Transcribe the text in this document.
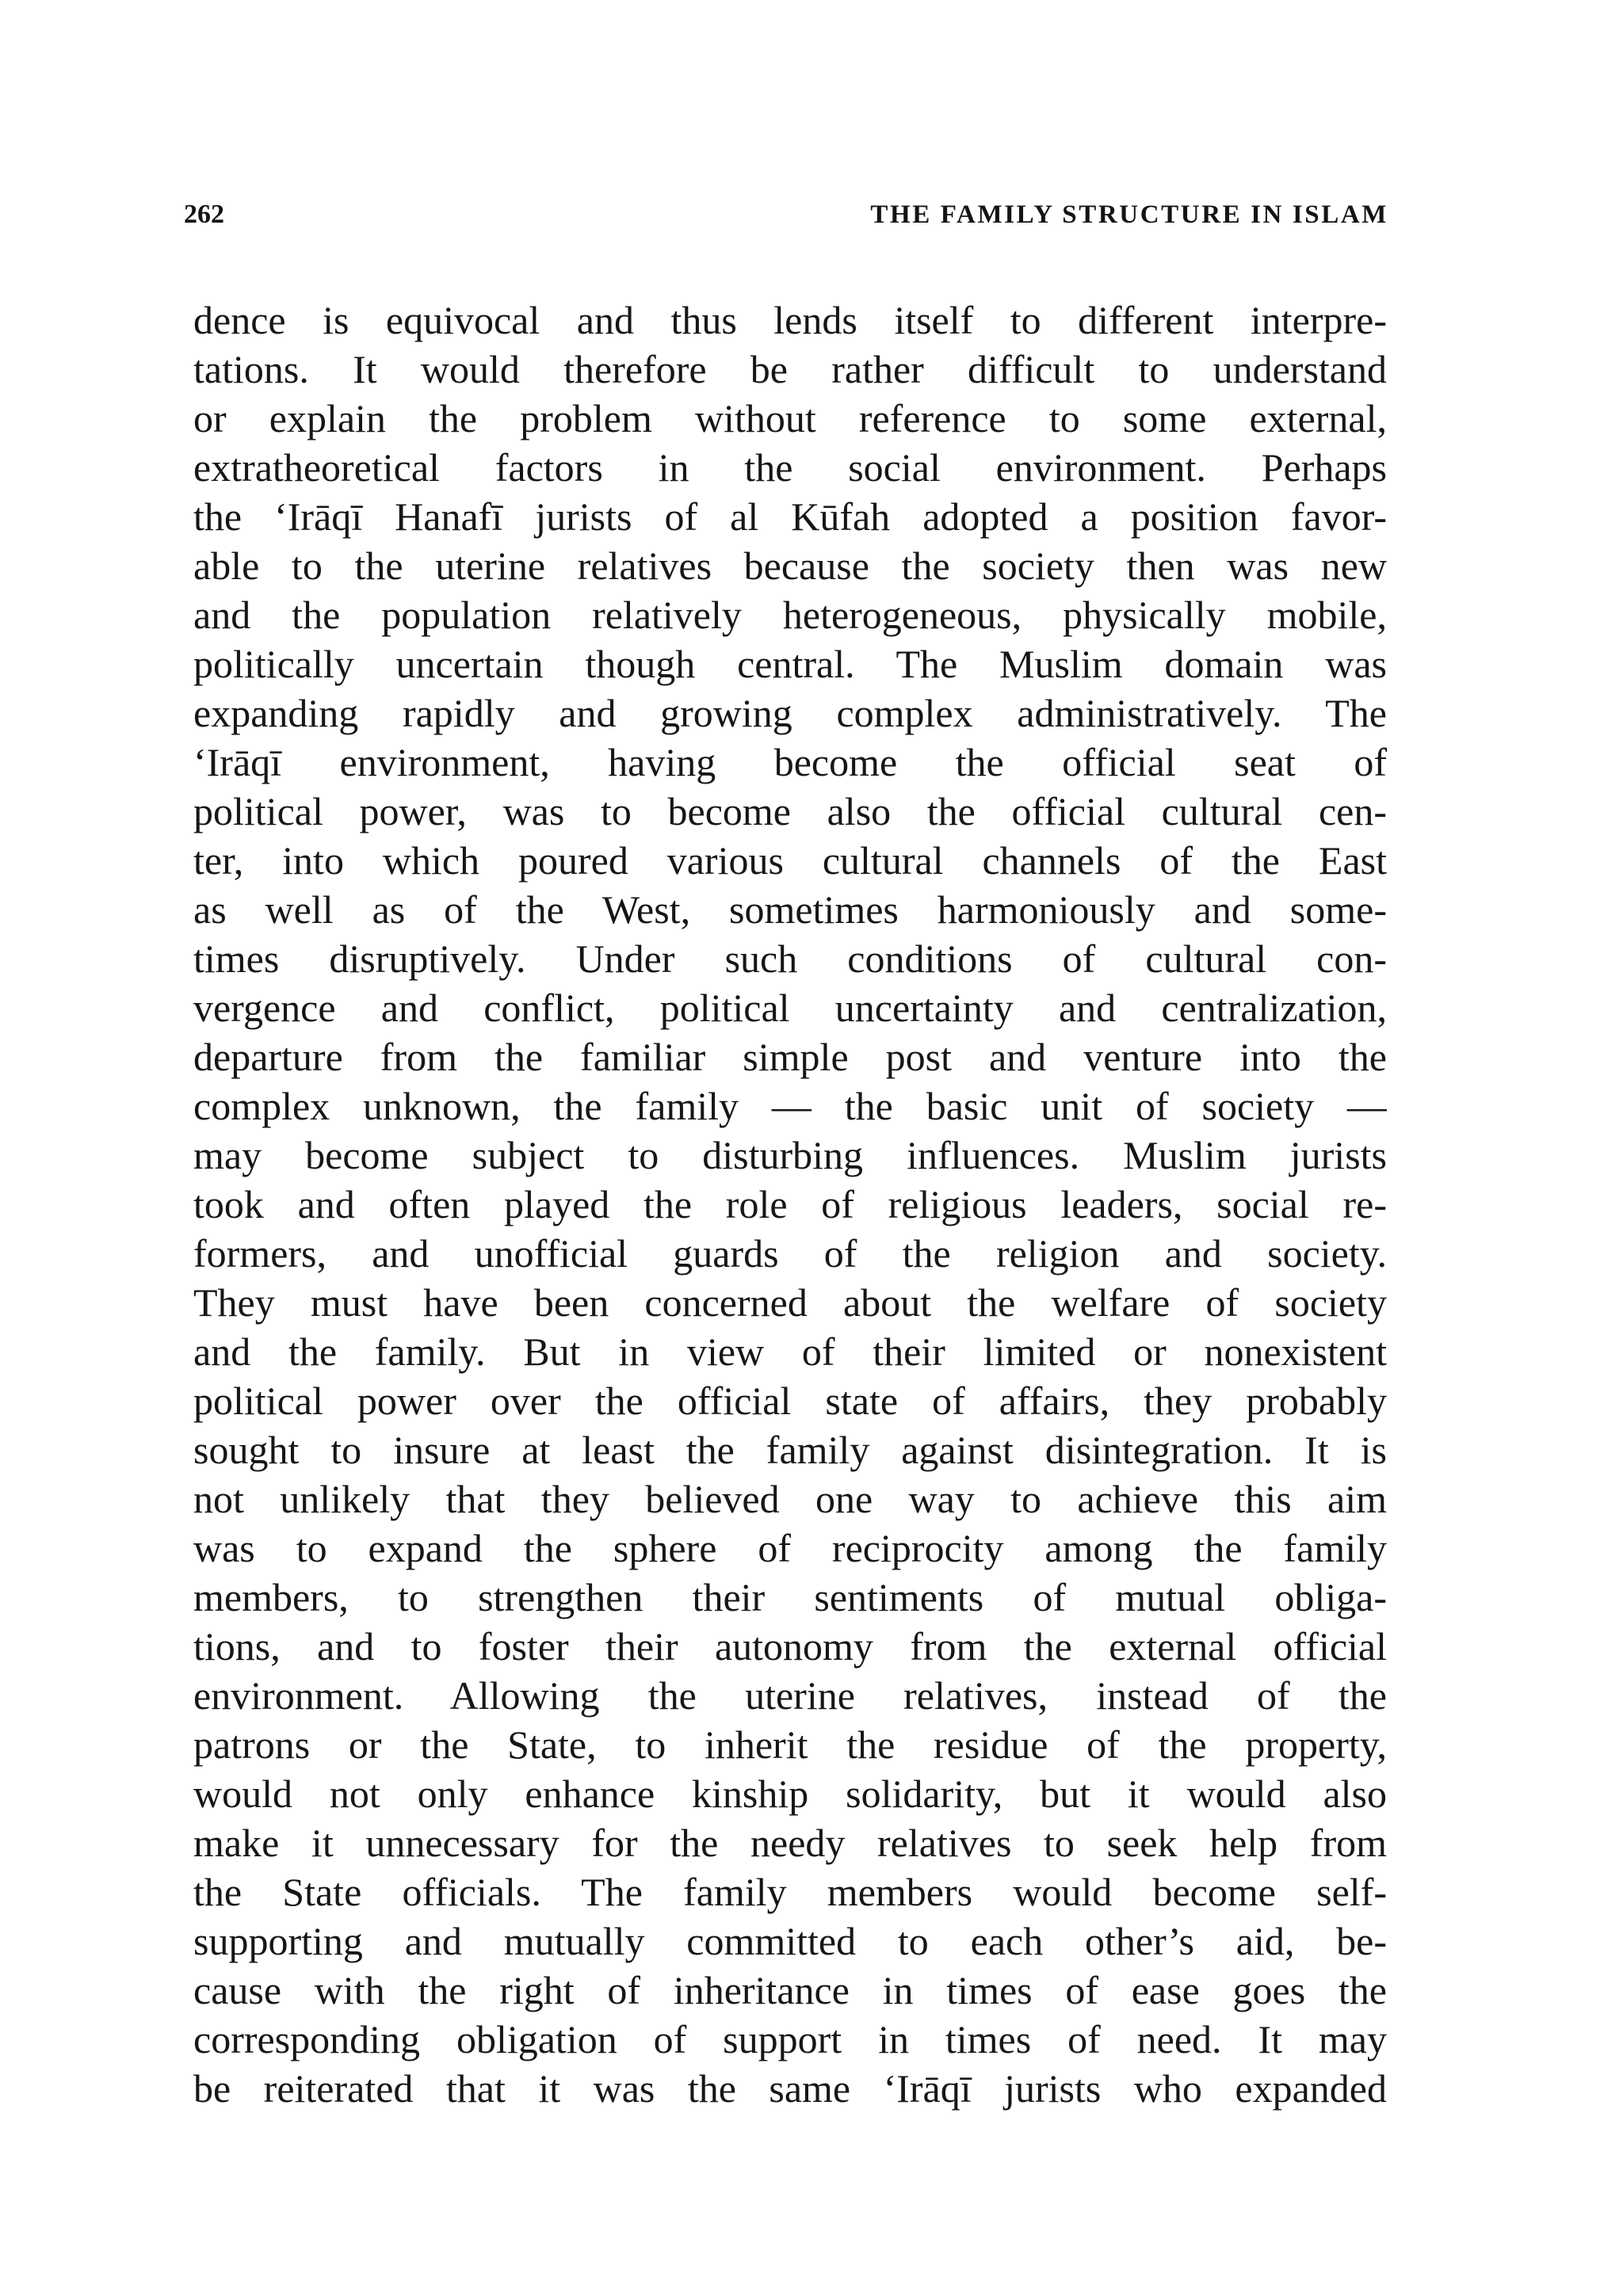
262	THE FAMILY STRUCTURE IN ISLAM
dence is equivocal and thus lends itself to different interpre-
tations. It would therefore be rather difficult to understand
or explain the problem without reference to some external,
extratheoretical factors in the social environment. Perhaps
the ‘Irāqī Hanafī jurists of al Kūfah adopted a position favor-
able to the uterine relatives because the society then was new
and the population relatively heterogeneous, physically mobile,
politically uncertain though central. The Muslim domain was
expanding rapidly and growing complex administratively. The
‘Irāqī environment, having become the official seat of
political power, was to become also the official cultural cen-
ter, into which poured various cultural channels of the East
as well as of the West, sometimes harmoniously and some-
times disruptively. Under such conditions of cultural con-
vergence and conflict, political uncertainty and centralization,
departure from the familiar simple post and venture into the
complex unknown, the family — the basic unit of society —
may become subject to disturbing influences. Muslim jurists
took and often played the role of religious leaders, social re-
formers, and unofficial guards of the religion and society.
They must have been concerned about the welfare of society
and the family. But in view of their limited or nonexistent
political power over the official state of affairs, they probably
sought to insure at least the family against disintegration. It is
not unlikely that they believed one way to achieve this aim
was to expand the sphere of reciprocity among the family
members, to strengthen their sentiments of mutual obliga-
tions, and to foster their autonomy from the external official
environment. Allowing the uterine relatives, instead of the
patrons or the State, to inherit the residue of the property,
would not only enhance kinship solidarity, but it would also
make it unnecessary for the needy relatives to seek help from
the State officials. The family members would become self-
supporting and mutually committed to each other’s aid, be-
cause with the right of inheritance in times of ease goes the
corresponding obligation of support in times of need. It may
be reiterated that it was the same ‘Irāqī jurists who expanded
